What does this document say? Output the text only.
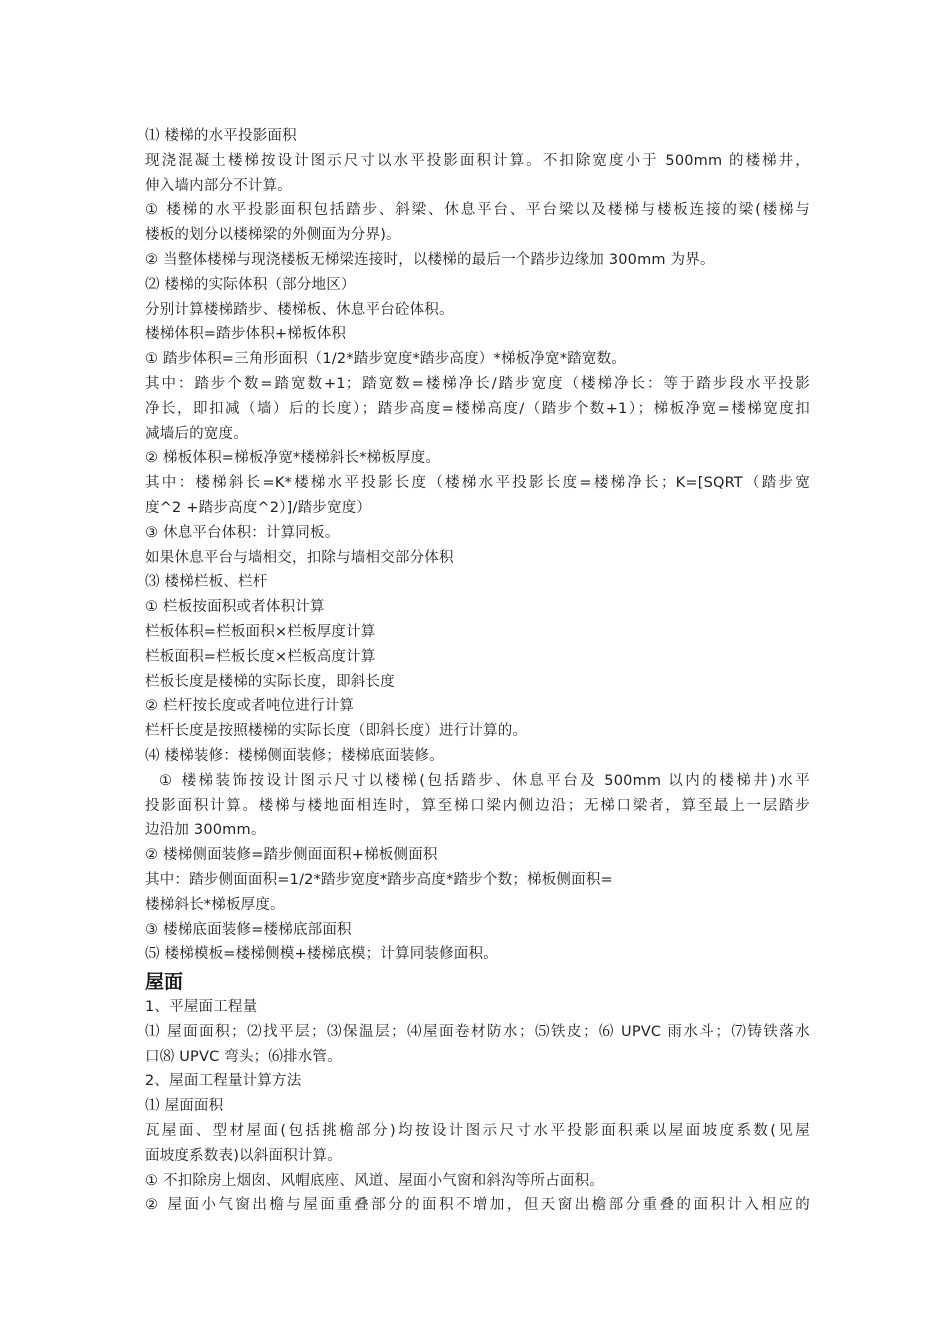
⑴ 楼梯的水平投影面积
现浇混凝土楼梯按设计图示尺寸以水平投影面积计算。不扣除宽度小于 500mm 的楼梯井，
伸入墙内部分不计算。
① 楼梯的水平投影面积包括踏步、斜梁、休息平台、平台梁以及楼梯与楼板连接的梁(楼梯与
楼板的划分以楼梯梁的外侧面为分界)。
② 当整体楼梯与现浇楼板无梯梁连接时，以楼梯的最后一个踏步边缘加 300mm 为界。
⑵ 楼梯的实际体积（部分地区）
分别计算楼梯踏步、楼梯板、休息平台砼体积。
楼梯体积=踏步体积+梯板体积
① 踏步体积=三角形面积（1/2*踏步宽度*踏步高度）*梯板净宽*踏宽数。
其中：踏步个数=踏宽数+1；踏宽数=楼梯净长/踏步宽度（楼梯净长：等于踏步段水平投影
净长，即扣减（墙）后的长度）；踏步高度=楼梯高度/（踏步个数+1）；梯板净宽=楼梯宽度扣
减墙后的宽度。
② 梯板体积=梯板净宽*楼梯斜长*梯板厚度。
其中：楼梯斜长=K*楼梯水平投影长度（楼梯水平投影长度=楼梯净长；K=[SQRT（踏步宽
度^2 +踏步高度^2）]/踏步宽度）
③ 休息平台体积：计算同板。
如果休息平台与墙相交，扣除与墙相交部分体积
⑶ 楼梯栏板、栏杆
① 栏板按面积或者体积计算
栏板体积=栏板面积×栏板厚度计算
栏板面积=栏板长度×栏板高度计算
栏板长度是楼梯的实际长度，即斜长度
② 栏杆按长度或者吨位进行计算
栏杆长度是按照楼梯的实际长度（即斜长度）进行计算的。
⑷ 楼梯装修：楼梯侧面装修；楼梯底面装修。
① 楼梯装饰按设计图示尺寸以楼梯(包括踏步、休息平台及 500mm 以内的楼梯井)水平
投影面积计算。楼梯与楼地面相连时，算至梯口梁内侧边沿；无梯口梁者，算至最上一层踏步
边沿加 300mm。
② 楼梯侧面装修=踏步侧面面积+梯板侧面积
其中：踏步侧面面积=1/2*踏步宽度*踏步高度*踏步个数；梯板侧面积=
楼梯斜长*梯板厚度。
③ 楼梯底面装修=楼梯底部面积
⑸ 楼梯模板=楼梯侧模+楼梯底模；计算同装修面积。
屋面
1、平屋面工程量
⑴ 屋面面积；⑵找平层；⑶保温层；⑷屋面卷材防水；⑸铁皮；⑹ UPVC 雨水斗；⑺铸铁落水
口⑻ UPVC 弯头；⑹排水管。
2、屋面工程量计算方法
⑴ 屋面面积
瓦屋面、型材屋面(包括挑檐部分)均按设计图示尺寸水平投影面积乘以屋面坡度系数(见屋
面坡度系数表)以斜面积计算。
① 不扣除房上烟囱、风帽底座、风道、屋面小气窗和斜沟等所占面积。
② 屋面小气窗出檐与屋面重叠部分的面积不增加，但天窗出檐部分重叠的面积计入相应的
